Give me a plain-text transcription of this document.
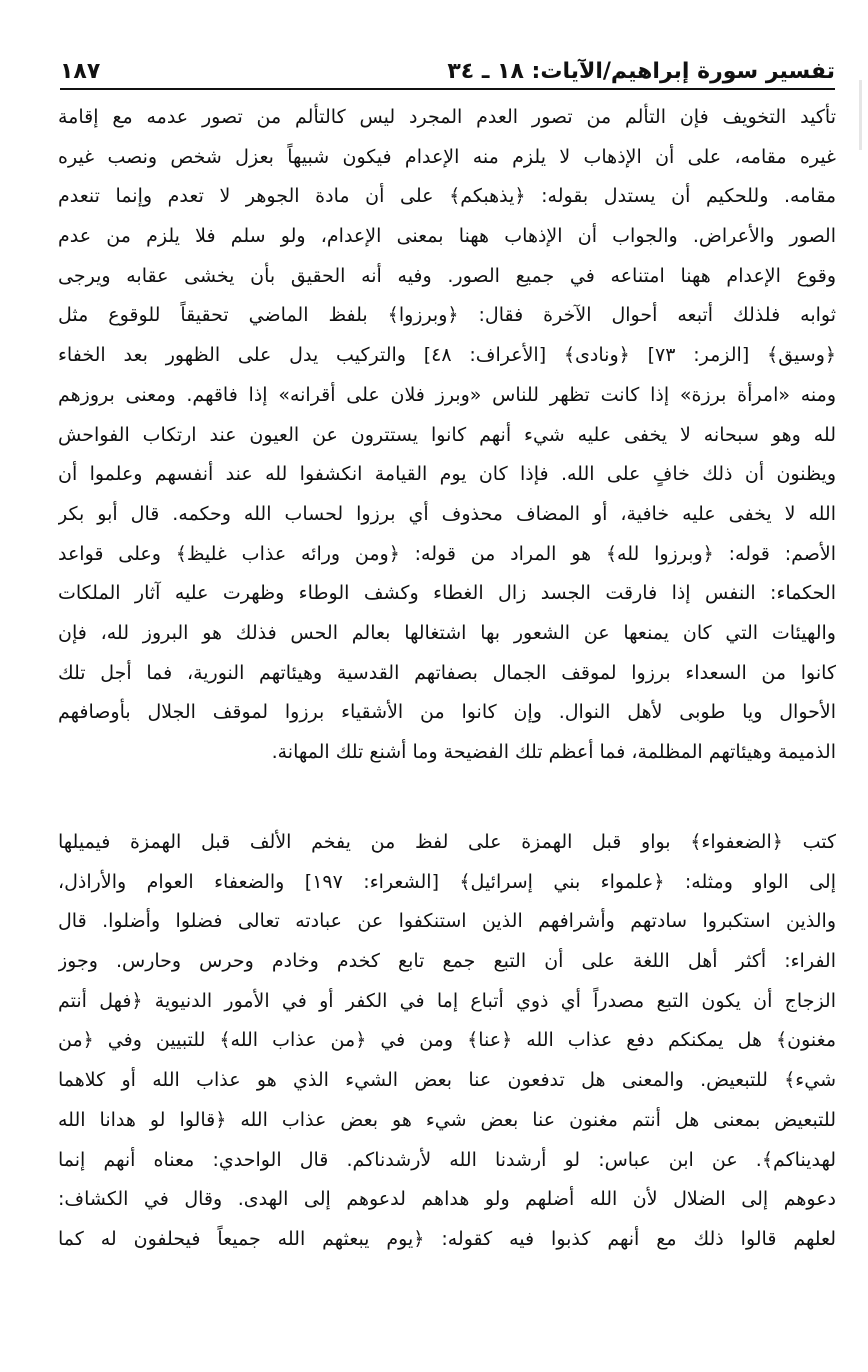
تفسير سورة إبراهيم/الآيات: ١٨ ـ ٣٤
١٨٧
تأكيد التخويف فإن التألم من تصور العدم المجرد ليس كالتألم من تصور عدمه مع إقامة
غيره مقامه، على أن الإذهاب لا يلزم منه الإعدام فيكون شبيهاً بعزل شخص ونصب غيره
مقامه. وللحكيم أن يستدل بقوله: ﴿يذهبكم﴾ على أن مادة الجوهر لا تعدم وإنما تنعدم
الصور والأعراض. والجواب أن الإذهاب ههنا بمعنى الإعدام، ولو سلم فلا يلزم من عدم
وقوع الإعدام ههنا امتناعه في جميع الصور. وفيه أنه الحقيق بأن يخشى عقابه ويرجى
ثوابه فلذلك أتبعه أحوال الآخرة فقال: ﴿وبرزوا﴾ بلفظ الماضي تحقيقاً للوقوع مثل
﴿وسيق﴾ [الزمر: ٧٣] ﴿ونادى﴾ [الأعراف: ٤٨] والتركيب يدل على الظهور بعد الخفاء
ومنه «امرأة برزة» إذا كانت تظهر للناس «وبرز فلان على أقرانه» إذا فاقهم. ومعنى بروزهم
لله وهو سبحانه لا يخفى عليه شيء أنهم كانوا يستترون عن العيون عند ارتكاب الفواحش
ويظنون أن ذلك خافٍ على الله. فإذا كان يوم القيامة انكشفوا لله عند أنفسهم وعلموا أن
الله لا يخفى عليه خافية، أو المضاف محذوف أي برزوا لحساب الله وحكمه. قال أبو بكر
الأصم: قوله: ﴿وبرزوا لله﴾ هو المراد من قوله: ﴿ومن ورائه عذاب غليظ﴾ وعلى قواعد
الحكماء: النفس إذا فارقت الجسد زال الغطاء وكشف الوطاء وظهرت عليه آثار الملكات
والهيئات التي كان يمنعها عن الشعور بها اشتغالها بعالم الحس فذلك هو البروز لله، فإن
كانوا من السعداء برزوا لموقف الجمال بصفاتهم القدسية وهيئاتهم النورية، فما أجل تلك
الأحوال ويا طوبى لأهل النوال. وإن كانوا من الأشقياء برزوا لموقف الجلال بأوصافهم
الذميمة وهيئاتهم المظلمة، فما أعظم تلك الفضيحة وما أشنع تلك المهانة.
كتب ﴿الضعفواء﴾ بواو قبل الهمزة على لفظ من يفخم الألف قبل الهمزة فيميلها
إلى الواو ومثله: ﴿علمواء بني إسرائيل﴾ [الشعراء: ١٩٧] والضعفاء العوام والأراذل،
والذين استكبروا سادتهم وأشرافهم الذين استنكفوا عن عبادته تعالى فضلوا وأضلوا. قال
الفراء: أكثر أهل اللغة على أن التبع جمع تابع كخدم وخادم وحرس وحارس. وجوز
الزجاج أن يكون التبع مصدراً أي ذوي أتباع إما في الكفر أو في الأمور الدنيوية ﴿فهل أنتم
مغنون﴾ هل يمكنكم دفع عذاب الله ﴿عنا﴾ ومن في ﴿من عذاب الله﴾ للتبيين وفي ﴿من
شيء﴾ للتبعيض. والمعنى هل تدفعون عنا بعض الشيء الذي هو عذاب الله أو كلاهما
للتبعيض بمعنى هل أنتم مغنون عنا بعض شيء هو بعض عذاب الله ﴿قالوا لو هدانا الله
لهديناكم﴾. عن ابن عباس: لو أرشدنا الله لأرشدناكم. قال الواحدي: معناه أنهم إنما
دعوهم إلى الضلال لأن الله أضلهم ولو هداهم لدعوهم إلى الهدى. وقال في الكشاف:
لعلهم قالوا ذلك مع أنهم كذبوا فيه كقوله: ﴿يوم يبعثهم الله جميعاً فيحلفون له كما
